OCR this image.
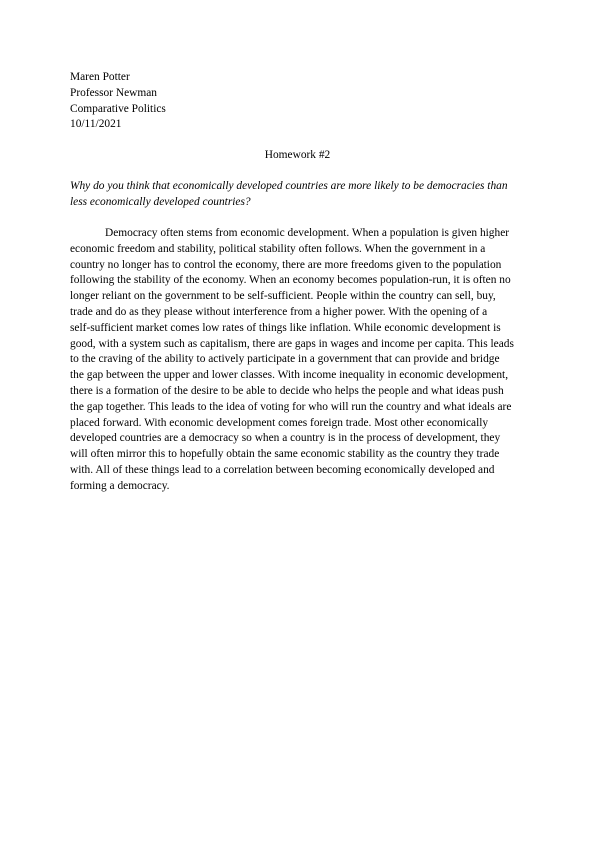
Maren Potter
Professor Newman
Comparative Politics
10/11/2021
Homework #2
Why do you think that economically developed countries are more likely to be democracies than
less economically developed countries?
Democracy often stems from economic development. When a population is given higher
economic freedom and stability, political stability often follows. When the government in a
country no longer has to control the economy, there are more freedoms given to the population
following the stability of the economy. When an economy becomes population-run, it is often no
longer reliant on the government to be self-sufficient. People within the country can sell, buy,
trade and do as they please without interference from a higher power. With the opening of a
self-sufficient market comes low rates of things like inflation. While economic development is
good, with a system such as capitalism, there are gaps in wages and income per capita. This leads
to the craving of the ability to actively participate in a government that can provide and bridge
the gap between the upper and lower classes. With income inequality in economic development,
there is a formation of the desire to be able to decide who helps the people and what ideas push
the gap together. This leads to the idea of voting for who will run the country and what ideals are
placed forward. With economic development comes foreign trade. Most other economically
developed countries are a democracy so when a country is in the process of development, they
will often mirror this to hopefully obtain the same economic stability as the country they trade
with. All of these things lead to a correlation between becoming economically developed and
forming a democracy.
